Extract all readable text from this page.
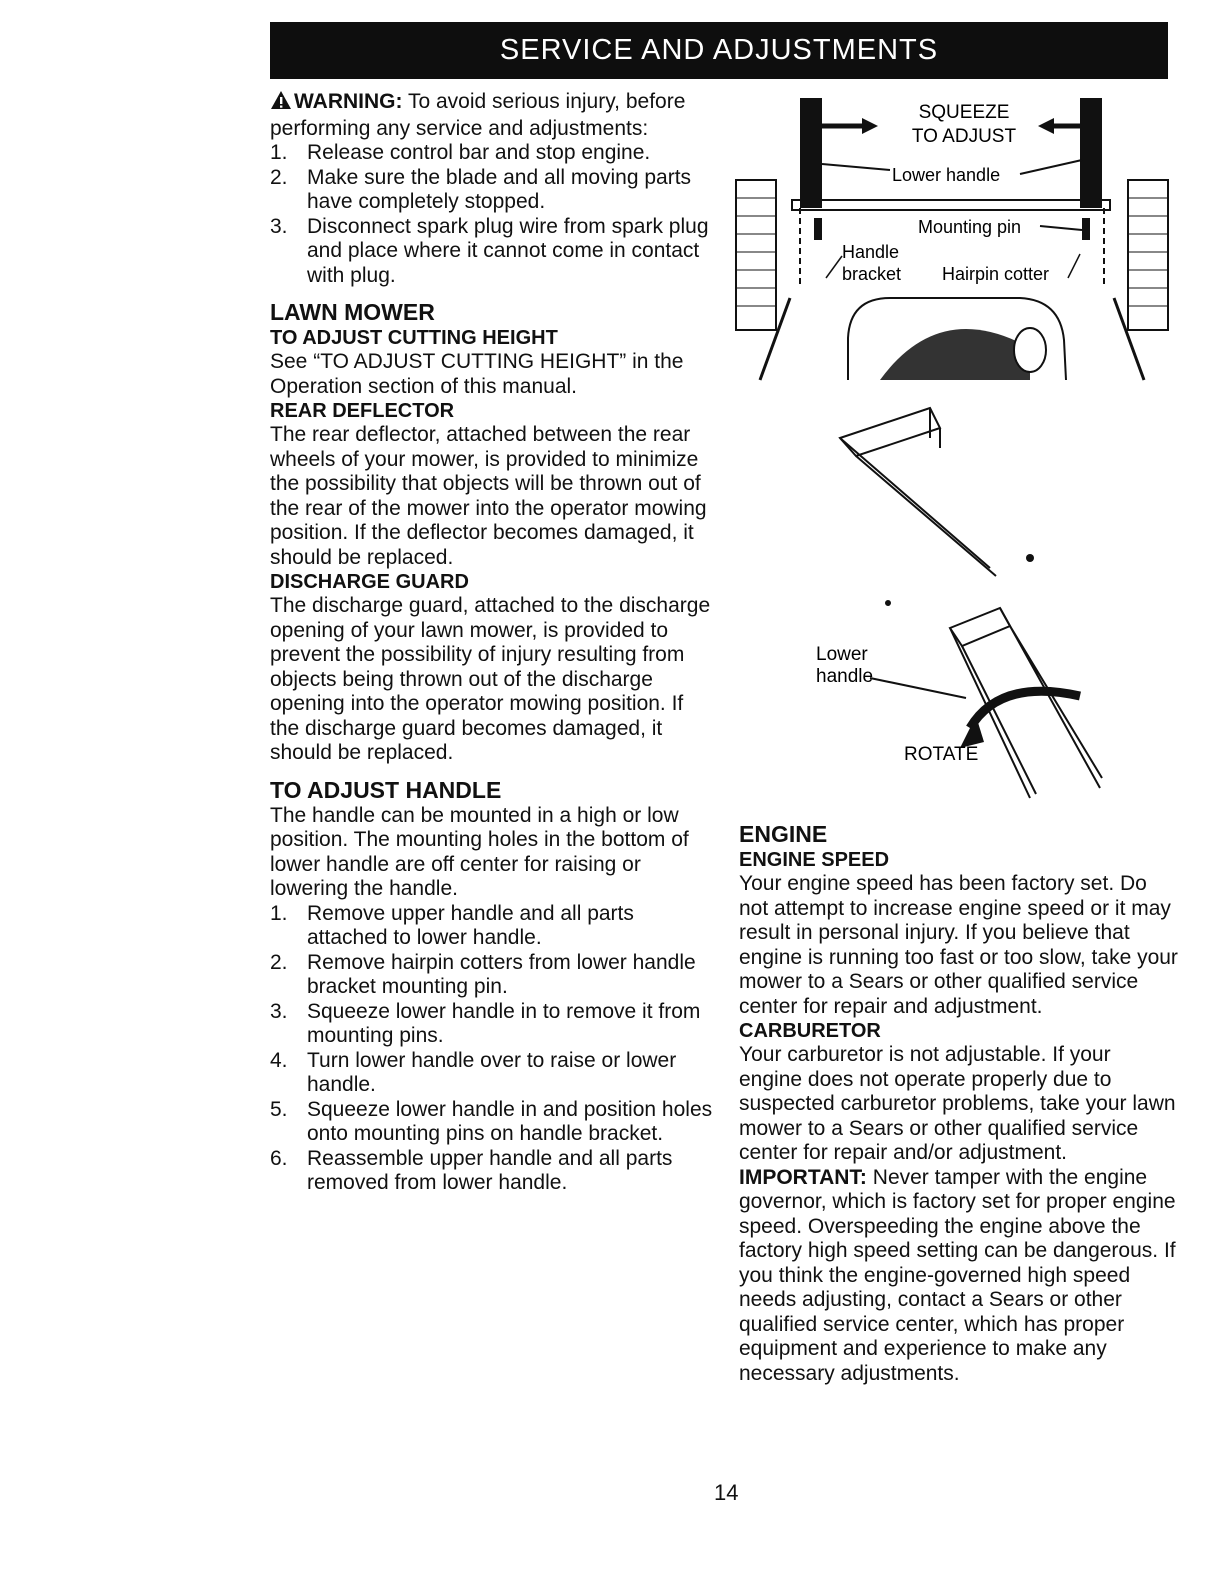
SERVICE AND ADJUSTMENTS

WARNING: To avoid serious injury, before performing any service and adjustments:

1. Release control bar and stop engine.
2. Make sure the blade and all moving parts have completely stopped.
3. Disconnect spark plug wire from spark plug and place where it cannot come in contact with plug.
LAWN MOWER
TO ADJUST CUTTING HEIGHT

See “TO ADJUST CUTTING HEIGHT” in the Operation section of this manual.

REAR DEFLECTOR

The rear deflector, attached between the rear wheels of your mower, is provided to minimize the possibility that objects will be thrown out of the rear of the mower into the operator mowing position. If the deflector becomes damaged, it should be replaced.

DISCHARGE GUARD

The discharge guard, attached to the discharge opening of your lawn mower, is provided to prevent the possibility of injury resulting from objects being thrown out of the discharge opening into the operator mowing position. If the discharge guard becomes damaged, it should be replaced.

TO ADJUST HANDLE

The handle can be mounted in a high or low position. The mounting holes in the bottom of lower handle are off center for raising or lowering the handle.

1. Remove upper handle and all parts attached to lower handle.
2. Remove hairpin cotters from lower handle bracket mounting pin.
3. Squeeze lower handle in to remove it from mounting pins.
4. Turn lower handle over to raise or lower handle.
5. Squeeze lower handle in and position holes onto mounting pins on handle bracket.
6. Reassemble upper handle and all parts removed from lower handle.
SQUEEZE
TO ADJUST
Lower handle
Mounting pin
Handle
bracket Hairpin cotter
Lower
handle
ROTATE
ENGINE
ENGINE SPEED

Your engine speed has been factory set. Do not attempt to increase engine speed or it may result in personal injury. If you believe that engine is running too fast or too slow, take your mower to a Sears or other qualified service center for repair and adjustment.

CARBURETOR

Your carburetor is not adjustable. If your engine does not operate properly due to suspected carburetor problems, take your lawn mower to a Sears or other qualified service center for repair and/or adjustment.

IMPORTANT: Never tamper with the engine governor, which is factory set for proper engine speed. Overspeeding the engine above the factory high speed setting can be dangerous. If you think the engine-governed high speed needs adjusting, contact a Sears or other qualified service center, which has proper equipment and experience to make any necessary adjustments.

14
